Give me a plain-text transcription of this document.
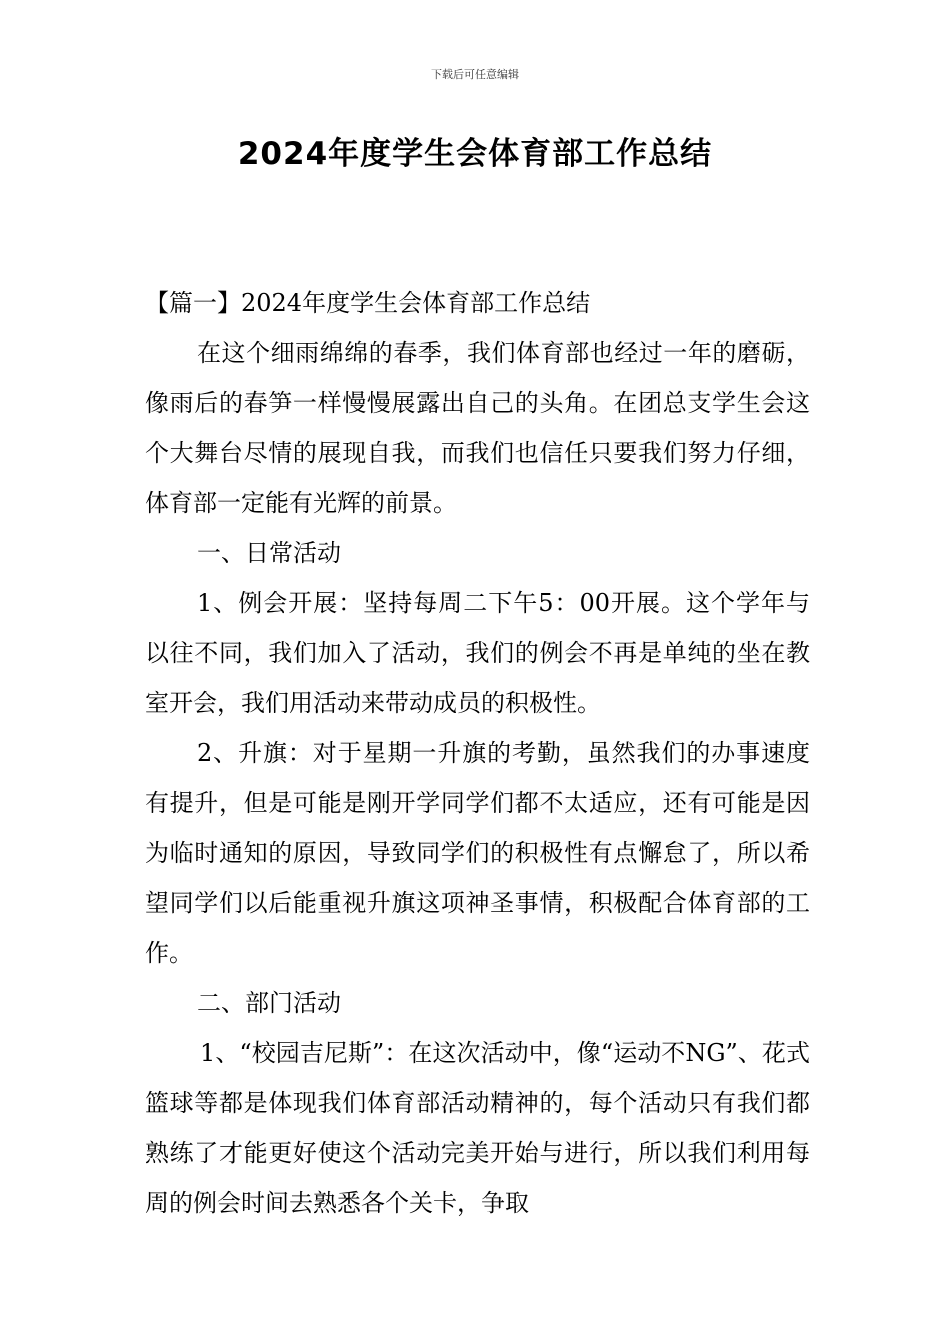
下载后可任意编辑
2024年度学生会体育部工作总结

【篇一】2024年度学生会体育部工作总结

在这个细雨绵绵的春季，我们体育部也经过一年的磨砺，像雨后的春笋一样慢慢展露出自己的头角。在团总支学生会这个大舞台尽情的展现自我，而我们也信任只要我们努力仔细，体育部一定能有光辉的前景。

一、日常活动

1、例会开展：坚持每周二下午5：00开展。这个学年与以往不同，我们加入了活动，我们的例会不再是单纯的坐在教室开会，我们用活动来带动成员的积极性。

2、升旗：对于星期一升旗的考勤，虽然我们的办事速度有提升，但是可能是刚开学同学们都不太适应，还有可能是因为临时通知的原因，导致同学们的积极性有点懈怠了，所以希望同学们以后能重视升旗这项神圣事情，积极配合体育部的工作。

二、部门活动

1、“校园吉尼斯”：在这次活动中，像“运动不NG”、花式篮球等都是体现我们体育部活动精神的，每个活动只有我们都熟练了才能更好使这个活动完美开始与进行，所以我们利用每周的例会时间去熟悉各个关卡，争取
